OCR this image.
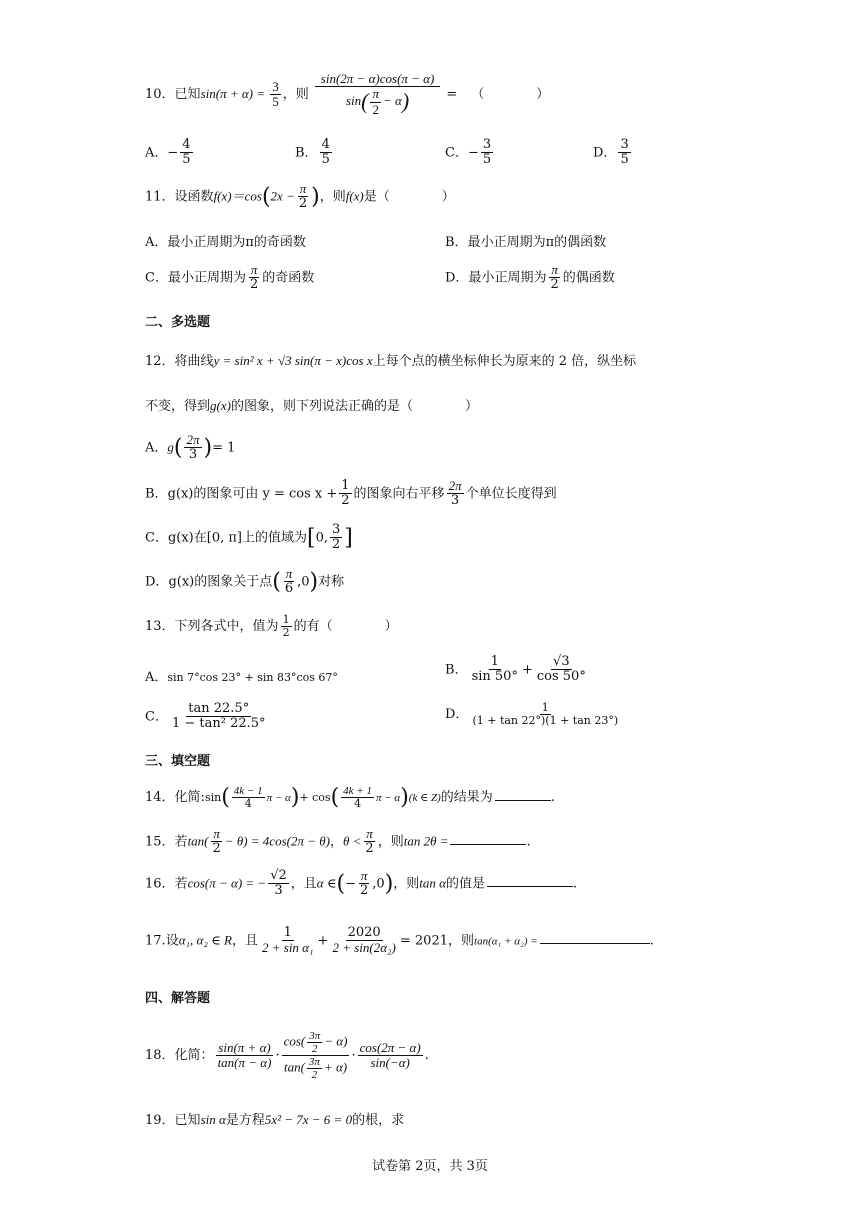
10．已知$\sin(\pi + \alpha) = \frac{3}{5}$ ，则 $\frac{\sin(2\pi - \alpha)\cos(\pi - \alpha)}{\sin( \frac{\pi}{2} - \alpha)}$ = （　　　　）
A．− $\frac{4}{5}$	B． $\frac{4}{5}$	C．− $\frac{3}{5}$	D． $\frac{3}{5}$
11．设函数$f(x)=\cos(2x - \frac{\pi}{2}$ )，则f(x)是（　　　　）
A．最小正周期为π的奇函数	B．最小正周期为π的偶函数
C．最小正周期为 $\frac{\pi}{2}$ 的奇函数	D．最小正周期为 $\frac{\pi}{2}$ 的偶函数
二、多选题
12．将曲线y = sin² x + √3 sin(π − x)cos x上每个点的横坐标伸长为原来的 2 倍，纵坐标
不变，得到g(x)的图象，则下列说法正确的是（　　　　）
A．$g( \frac{2\pi}{3}$ )= 1
B．g(x)的图象可由 $y = \cos x + \frac{1}{2}$ 的图象向右平移 $\frac{2\pi}{3}$ 个单位长度得到
C．g(x)在[0, π]上的值域为[0, $\frac{3}{2}$ ]
D．g(x)的图象关于点( $\frac{\pi}{6} ,0$)对称
13．下列各式中，值为 $\frac{1}{2}$ 的有（　　　　）
A．sin 7°cos 23° + sin 83°cos 67°
B． $\frac{1}{\sin 50^\circ} + \frac{√3}{\cos 50^\circ}$
C． $\frac{\tan 22.5^\circ}{\text{1 − tan² 22.5°}}$	D． $\frac{1}{(1 + \tan 22^\circ)(1 + \tan 23^\circ)}$
三、填空题
14．化简:sin( $\frac{4k - 1}{4}$ $\pi - \alpha)+ \cos( \frac{4k + 1}{4}$ π − α)(k ∈ Z)的结果为	.
15．若$\tan( \frac{\pi}{2} - \theta) = 4\cos(2\pi - \theta)$，$\theta < \frac{\pi}{2}$ ，则tan 2θ =	.
16．若cos(π − α) = − $\frac{√2}{3}$ ，且α ∈(− $\frac{\pi}{2} ,0$)，则tan α的值是	.
17.设α₁, α₂ ∈ R，且 $\frac{1}{\text{2 + sin α₁}} + \frac{2020}{\text{2 + sin(2α₂)}} = 2021$，则tan(α₁ + α₂) =	.
四、解答题
18．化简： $\frac{\sin(\pi + \alpha)}{\tan(\pi - \alpha)} \cdot \frac{\cos( \frac{3\pi}{2} - \alpha)}{\tan( \frac{3\pi}{2} + \alpha)} \cdot \frac{\cos(2\pi - \alpha)}{\sin(-\alpha)}$ .
19．已知sin α是方程5x² − 7x − 6 = 0的根，求
试卷第 2页，共 3页
